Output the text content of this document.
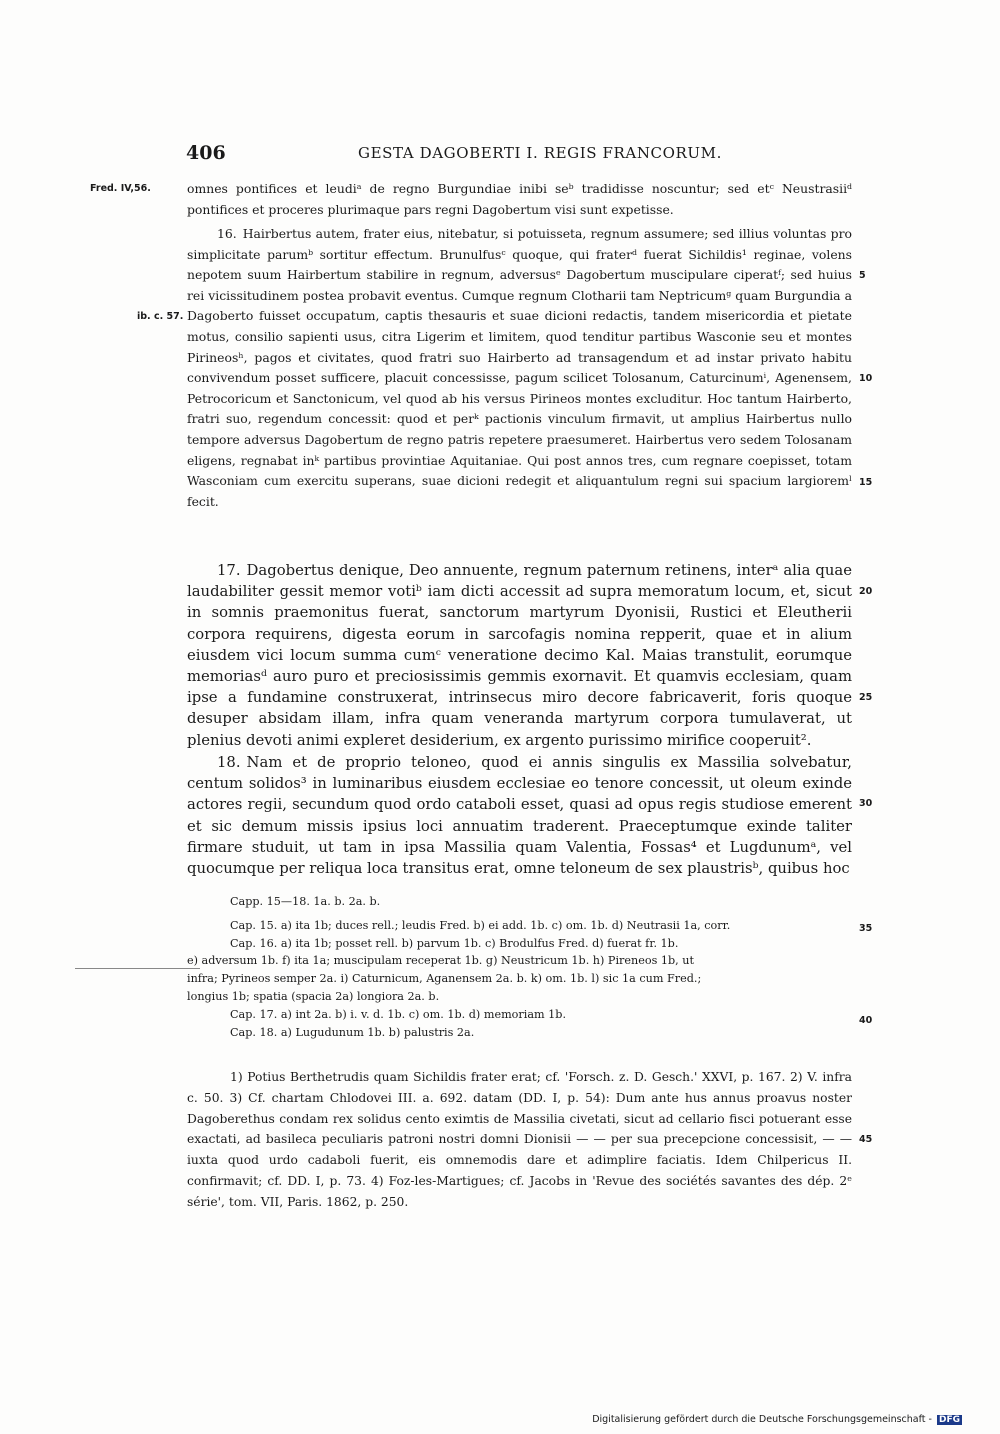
406	GESTA DAGOBERTI I. REGIS FRANCORUM.
Fred. IV,56.
ib. c. 57.
5
10
15
20
25
30
35
40
45

omnes pontifices et leudiᵃ de regno Burgundiae inibi seᵇ tradidisse noscuntur; sed etᶜ Neustrasiiᵈ pontifices et proceres plurimaque pars regni Dagobertum visi sunt expetisse.

16. Hairbertus autem, frater eius, nitebatur, si potuisseta, regnum assumere; sed illius voluntas pro simplicitate parumᵇ sortitur effectum. Brunulfusᶜ quoque, qui fraterᵈ fuerat Sichildis¹ reginae, volens nepotem suum Hairbertum stabilire in regnum, adversusᵉ Dagobertum muscipulare ciperatᶠ; sed huius rei vicissitudinem postea probavit eventus. Cumque regnum Clotharii tam Neptricumᵍ quam Burgundia a Dagoberto fuisset occupatum, captis thesauris et suae dicioni redactis, tandem misericordia et pietate motus, consilio sapienti usus, citra Ligerim et limitem, quod tenditur partibus Wasconie seu et montes Pirineosʰ, pagos et civitates, quod fratri suo Hairberto ad transagendum et ad instar privato habitu convivendum posset sufficere, placuit concessisse, pagum scilicet Tolosanum, Caturcinumⁱ, Agenensem, Petrocoricum et Sanctonicum, vel quod ab his versus Pirineos montes excluditur. Hoc tantum Hairberto, fratri suo, regendum concessit: quod et perᵏ pactionis vinculum firmavit, ut amplius Hairbertus nullo tempore adversus Dagobertum de regno patris repetere praesumeret. Hairbertus vero sedem Tolosanam eligens, regnabat inᵏ partibus provintiae Aquitaniae. Qui post annos tres, cum regnare coepisset, totam Wasconiam cum exercitu superans, suae dicioni redegit et aliquantulum regni sui spacium largioremˡ fecit.

17. Dagobertus denique, Deo annuente, regnum paternum retinens, interᵃ alia quae laudabiliter gessit memor votiᵇ iam dicti accessit ad supra memoratum locum, et, sicut in somnis praemonitus fuerat, sanctorum martyrum Dyonisii, Rustici et Eleutherii corpora requirens, digesta eorum in sarcofagis nomina repperit, quae et in alium eiusdem vici locum summa cumᶜ veneratione decimo Kal. Maias transtulit, eorumque memoriasᵈ auro puro et preciosissimis gemmis exornavit. Et quamvis ecclesiam, quam ipse a fundamine construxerat, intrinsecus miro decore fabricaverit, foris quoque desuper absidam illam, infra quam veneranda martyrum corpora tumulaverat, ut plenius devoti animi expleret desiderium, ex argento purissimo mirifice cooperuit².

18. Nam et de proprio teloneo, quod ei annis singulis ex Massilia solvebatur, centum solidos³ in luminaribus eiusdem ecclesiae eo tenore concessit, ut oleum exinde actores regii, secundum quod ordo cataboli esset, quasi ad opus regis studiose emerent et sic demum missis ipsius loci annuatim traderent. Praeceptumque exinde taliter firmare studuit, ut tam in ipsa Massilia quam Valentia, Fossas⁴ et Lugdunumᵃ, vel quocumque per reliqua loca transitus erat, omne teloneum de sex plaustrisᵇ, quibus hoc

Capp. 15—18. 1a. b. 2a. b.
Cap. 15. a) ita 1b; duces rell.; leudis Fred. b) ei add. 1b. c) om. 1b. d) Neutrasii 1a, corr.
Cap. 16. a) ita 1b; posset rell. b) parvum 1b. c) Brodulfus Fred. d) fuerat fr. 1b.
e) adversum 1b. f) ita 1a; muscipulam receperat 1b. g) Neustricum 1b. h) Pireneos 1b, ut
infra; Pyrineos semper 2a. i) Caturnicum, Aganensem 2a. b. k) om. 1b. l) sic 1a cum Fred.;
longius 1b; spatia (spacia 2a) longiora 2a. b.
Cap. 17. a) int 2a. b) i. v. d. 1b. c) om. 1b. d) memoriam 1b.
Cap. 18. a) Lugudunum 1b. b) palustris 2a.

1) Potius Berthetrudis quam Sichildis frater erat; cf. 'Forsch. z. D. Gesch.' XXVI, p. 167. 2) V. infra c. 50. 3) Cf. chartam Chlodovei III. a. 692. datam (DD. I, p. 54): Dum ante hus annus proavus noster Dagoberethus condam rex solidus cento eximtis de Massilia civetati, sicut ad cellario fisci potuerant esse exactati, ad basileca peculiaris patroni nostri domni Dionisii — — per sua precepcione concessisit, — — iuxta quod urdo cadaboli fuerit, eis omnemodis dare et adimplire faciatis. Idem Chilpericus II. confirmavit; cf. DD. I, p. 73. 4) Foz-les-Martigues; cf. Jacobs in 'Revue des sociétés savantes des dép. 2ᵉ série', tom. VII, Paris. 1862, p. 250.

Digitalisierung gefördert durch die Deutsche Forschungsgemeinschaft - DFG
